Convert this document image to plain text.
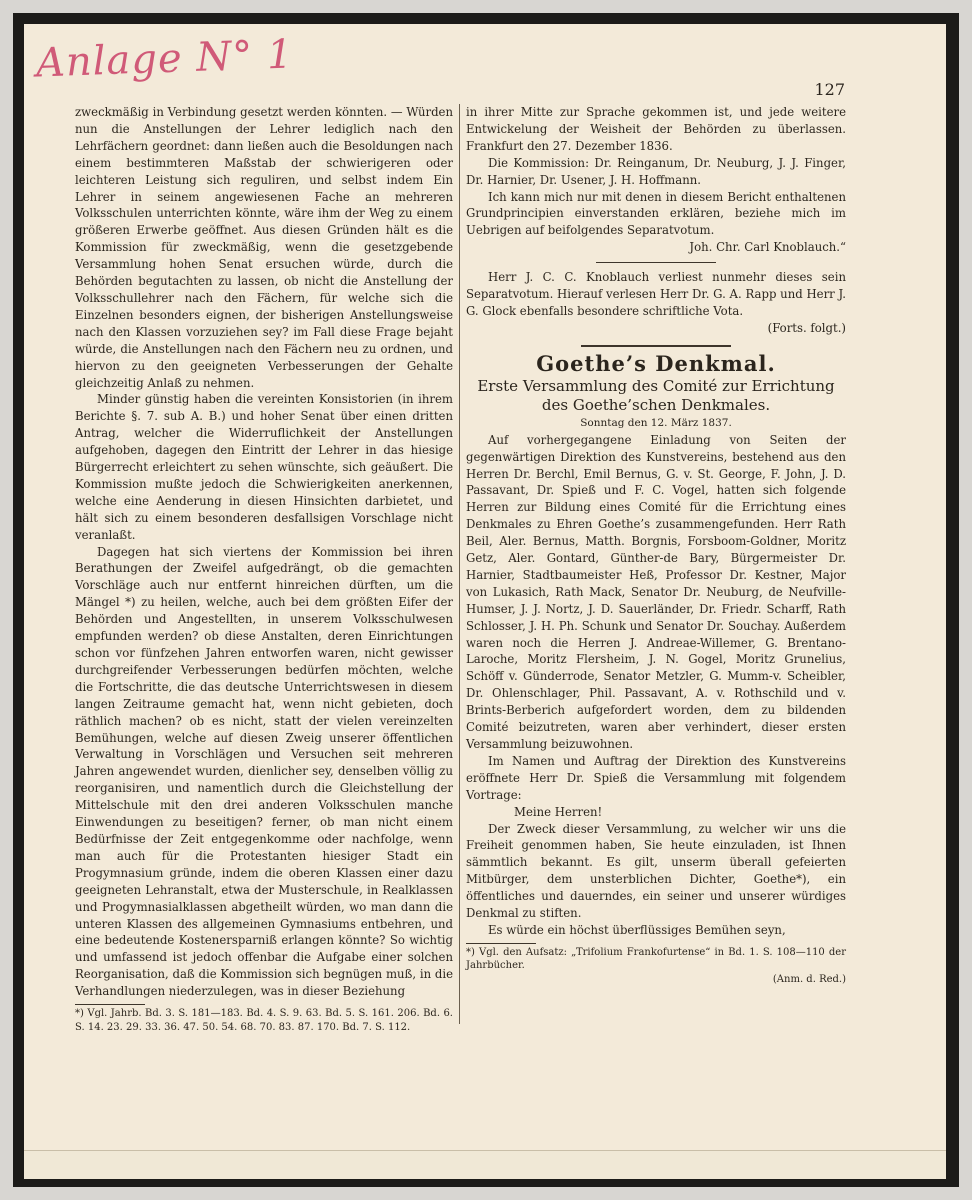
Anlage N° 1
127

zweckmäßig in Verbindung gesetzt werden könnten. — Würden nun die Anstellungen der Lehrer lediglich nach den Lehrfächern geordnet: dann ließen auch die Besoldungen nach einem bestimmteren Maßstab der schwierigeren oder leichteren Leistung sich reguliren, und selbst indem Ein Lehrer in seinem angewiesenen Fache an mehreren Volksschulen unterrichten könnte, wäre ihm der Weg zu einem größeren Erwerbe geöffnet. Aus diesen Gründen hält es die Kommission für zweckmäßig, wenn die gesetzgebende Versammlung hohen Senat ersuchen würde, durch die Behörden begutachten zu lassen, ob nicht die Anstellung der Volksschullehrer nach den Fächern, für welche sich die Einzelnen besonders eignen, der bisherigen Anstellungsweise nach den Klassen vorzuziehen sey? im Fall diese Frage bejaht würde, die Anstellungen nach den Fächern neu zu ordnen, und hiervon zu den geeigneten Verbesserungen der Gehalte gleichzeitig Anlaß zu nehmen.

Minder günstig haben die vereinten Konsistorien (in ihrem Berichte §. 7. sub A. B.) und hoher Senat über einen dritten Antrag, welcher die Widerruflichkeit der Anstellungen aufgehoben, dagegen den Eintritt der Lehrer in das hiesige Bürgerrecht erleichtert zu sehen wünschte, sich geäußert. Die Kommission mußte jedoch die Schwierigkeiten anerkennen, welche eine Aenderung in diesen Hinsichten darbietet, und hält sich zu einem besonderen desfallsigen Vorschlage nicht veranlaßt.

Dagegen hat sich viertens der Kommission bei ihren Berathungen der Zweifel aufgedrängt, ob die gemachten Vorschläge auch nur entfernt hinreichen dürften, um die Mängel *) zu heilen, welche, auch bei dem größten Eifer der Behörden und Angestellten, in unserem Volksschulwesen empfunden werden? ob diese Anstalten, deren Einrichtungen schon vor fünfzehen Jahren entworfen waren, nicht gewisser durchgreifender Verbesserungen bedürfen möchten, welche die Fortschritte, die das deutsche Unterrichtswesen in diesem langen Zeitraume gemacht hat, wenn nicht gebieten, doch räthlich machen? ob es nicht, statt der vielen vereinzelten Bemühungen, welche auf diesen Zweig unserer öffentlichen Verwaltung in Vorschlägen und Versuchen seit mehreren Jahren angewendet wurden, dienlicher sey, denselben völlig zu reorganisiren, und namentlich durch die Gleichstellung der Mittelschule mit den drei anderen Volksschulen manche Einwendungen zu beseitigen? ferner, ob man nicht einem Bedürfnisse der Zeit entgegenkomme oder nachfolge, wenn man auch für die Protestanten hiesiger Stadt ein Progymnasium gründe, indem die oberen Klassen einer dazu geeigneten Lehranstalt, etwa der Musterschule, in Realklassen und Progymnasialklassen abgetheilt würden, wo man dann die unteren Klassen des allgemeinen Gymnasiums entbehren, und eine bedeutende Kostenersparniß erlangen könnte? So wichtig und umfassend ist jedoch offenbar die Aufgabe einer solchen Reorganisation, daß die Kommission sich begnügen muß, in die Verhandlungen niederzulegen, was in dieser Beziehung

*) Vgl. Jahrb. Bd. 3. S. 181—183. Bd. 4. S. 9. 63. Bd. 5. S. 161. 206. Bd. 6. S. 14. 23. 29. 33. 36. 47. 50. 54. 68. 70. 83. 87. 170. Bd. 7. S. 112.

in ihrer Mitte zur Sprache gekommen ist, und jede weitere Entwickelung der Weisheit der Behörden zu überlassen. Frankfurt den 27. Dezember 1836.

Die Kommission: Dr. Reinganum, Dr. Neuburg, J. J. Finger, Dr. Harnier, Dr. Usener, J. H. Hoffmann.

Ich kann mich nur mit denen in diesem Bericht enthaltenen Grundprincipien einverstanden erklären, beziehe mich im Uebrigen auf beifolgendes Separatvotum.

Joh. Chr. Carl Knoblauch.“

Herr J. C. C. Knoblauch verliest nunmehr dieses sein Separatvotum. Hierauf verlesen Herr Dr. G. A. Rapp und Herr J. G. Glock ebenfalls besondere schriftliche Vota.

(Forts. folgt.)

Goethe’s Denkmal.

Erste Versammlung des Comité zur Errichtung des Goethe’schen Denkmales.

Sonntag den 12. März 1837.

Auf vorhergegangene Einladung von Seiten der gegenwärtigen Direktion des Kunstvereins, bestehend aus den Herren Dr. Berchl, Emil Bernus, G. v. St. George, F. John, J. D. Passavant, Dr. Spieß und F. C. Vogel, hatten sich folgende Herren zur Bildung eines Comité für die Errichtung eines Denkmales zu Ehren Goethe’s zusammengefunden. Herr Rath Beil, Aler. Bernus, Matth. Borgnis, Forsboom-Goldner, Moritz Getz, Aler. Gontard, Günther-de Bary, Bürgermeister Dr. Harnier, Stadtbaumeister Heß, Professor Dr. Kestner, Major von Lukasich, Rath Mack, Senator Dr. Neuburg, de Neufville-Humser, J. J. Nortz, J. D. Sauerländer, Dr. Friedr. Scharff, Rath Schlosser, J. H. Ph. Schunk und Senator Dr. Souchay. Außerdem waren noch die Herren J. Andreae-Willemer, G. Brentano-Laroche, Moritz Flersheim, J. N. Gogel, Moritz Grunelius, Schöff v. Günderrode, Senator Metzler, G. Mumm-v. Scheibler, Dr. Ohlenschlager, Phil. Passavant, A. v. Rothschild und v. Brints-Berberich aufgefordert worden, dem zu bildenden Comité beizutreten, waren aber verhindert, dieser ersten Versammlung beizuwohnen.

Im Namen und Auftrag der Direktion des Kunstvereins eröffnete Herr Dr. Spieß die Versammlung mit folgendem Vortrage:

Meine Herren!

Der Zweck dieser Versammlung, zu welcher wir uns die Freiheit genommen haben, Sie heute einzuladen, ist Ihnen sämmtlich bekannt. Es gilt, unserm überall gefeierten Mitbürger, dem unsterblichen Dichter, Goethe*), ein öffentliches und dauerndes, ein seiner und unserer würdiges Denkmal zu stiften.

Es würde ein höchst überflüssiges Bemühen seyn,

*) Vgl. den Aufsatz: „Trifolium Frankofurtense“ in Bd. 1. S. 108—110 der Jahrbücher.

(Anm. d. Red.)
